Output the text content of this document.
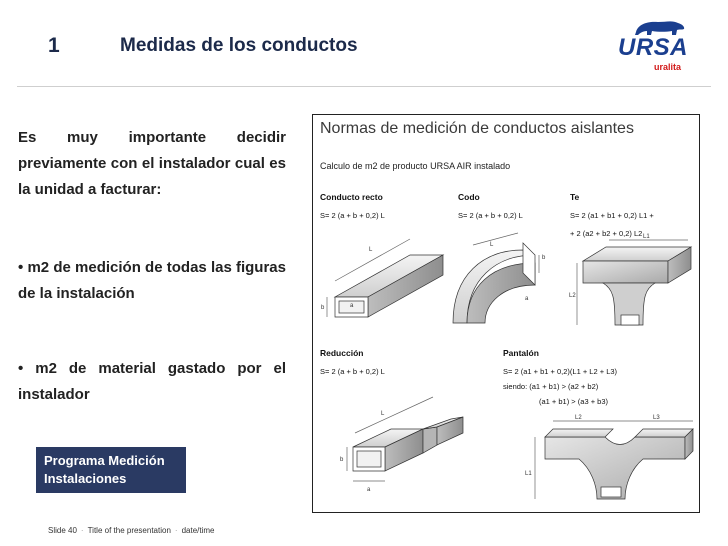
1	Medidas de los conductos	URSA
uralita
Es muy importante decidir previamente con el instalador cual es la unidad a facturar:
• m2 de medición de todas las figuras de la instalación
• m2 de material gastado por el instalador
Programa Medición
Instalaciones
Slide 40 · Title of the presentation · date/time
Normas de medición de conductos aislantes
Calculo de m2 de producto URSA AIR instalado
Conducto recto
S= 2 (a + b + 0,2) L
Codo
S= 2 (a + b + 0,2) L
Te
S= 2 (a1 + b1 + 0,2) L1 +
+ 2 (a2 + b2 + 0,2) L2
Reducción
S= 2 (a + b + 0,2) L
Pantalón
S= 2 (a1 + b1 + 0,2)(L1 + L2 + L3)
siendo: (a1 + b1) > (a2 + b2)
(a1 + b1) > (a3 + b3)
L
b	a
L
b
a
L1
L2
L
b
a
L2	L3
L1
